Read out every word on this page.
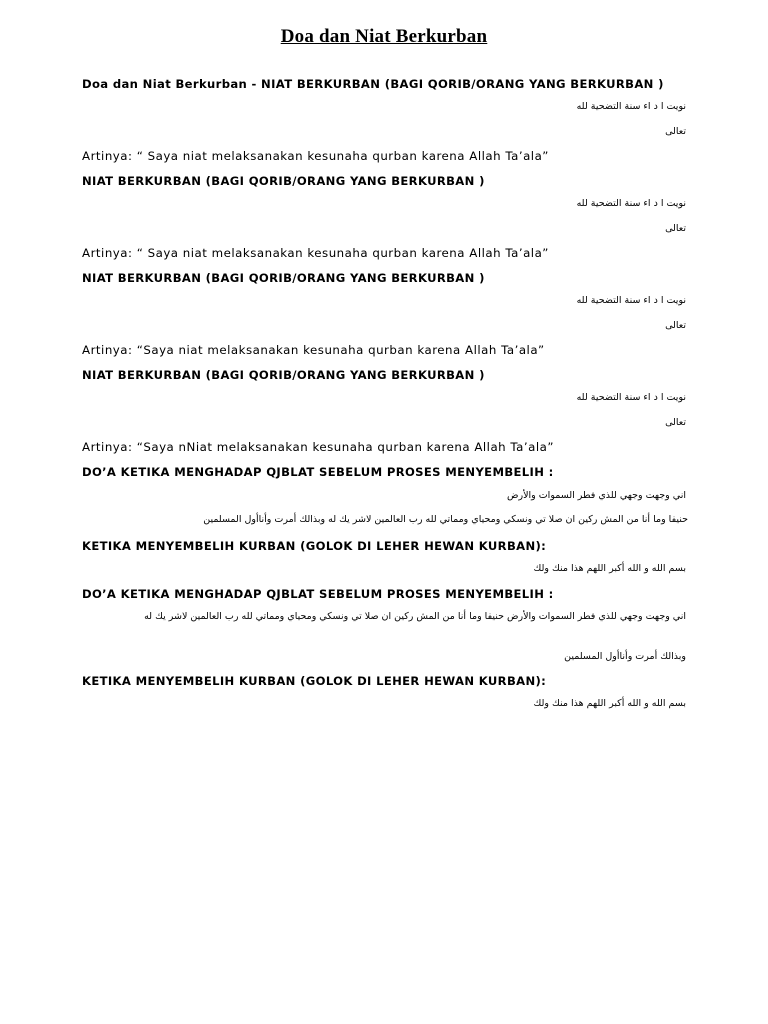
Doa dan Niat Berkurban
Doa dan Niat Berkurban - NIAT BERKURBAN (BAGI QORIB/ORANG YANG BERKURBAN )
نويت ا د اء سنة التضحية لله
تعالى
Artinya: “ Saya niat melaksanakan kesunaha qurban karena Allah Ta’ala”
NIAT BERKURBAN (BAGI QORIB/ORANG YANG BERKURBAN )
نويت ا د اء سنة التضحية لله
تعالى
Artinya: “ Saya niat melaksanakan kesunaha qurban karena Allah Ta’ala”
NIAT BERKURBAN (BAGI QORIB/ORANG YANG BERKURBAN )
نويت ا د اء سنة التضحية لله
تعالى
Artinya: “Saya niat melaksanakan kesunaha qurban karena Allah Ta’ala”
NIAT BERKURBAN (BAGI QORIB/ORANG YANG BERKURBAN )
نويت ا د اء سنة التضحية لله
تعالى
Artinya: “Saya nNiat melaksanakan kesunaha qurban karena Allah Ta’ala”
DO’A KETIKA MENGHADAP QJBLAT SEBELUM PROSES MENYEMBELIH :
اني وجهت وجهي للذي فطر السموات والأرض
حنيفا وما أنا من المش ركين ان صلا تي ونسكي ومحياي ومماتي لله رب العالمين لاشر يك له وبذالك أمرت وأناأول المسلمين
KETIKA MENYEMBELIH KURBAN (GOLOK DI LEHER HEWAN KURBAN):
بسم الله و الله أكبر اللهم هذا منك ولك
DO’A KETIKA MENGHADAP QJBLAT SEBELUM PROSES MENYEMBELIH :
اني وجهت وجهي للذي فطر السموات والأرض حنيفا وما أنا من المش ركين ان صلا تي ونسكي ومحياي ومماتي لله رب العالمين لاشر يك له
وبذالك أمرت وأناأول المسلمين
KETIKA MENYEMBELIH KURBAN (GOLOK DI LEHER HEWAN KURBAN):
بسم الله و الله أكبر اللهم هذا منك ولك
